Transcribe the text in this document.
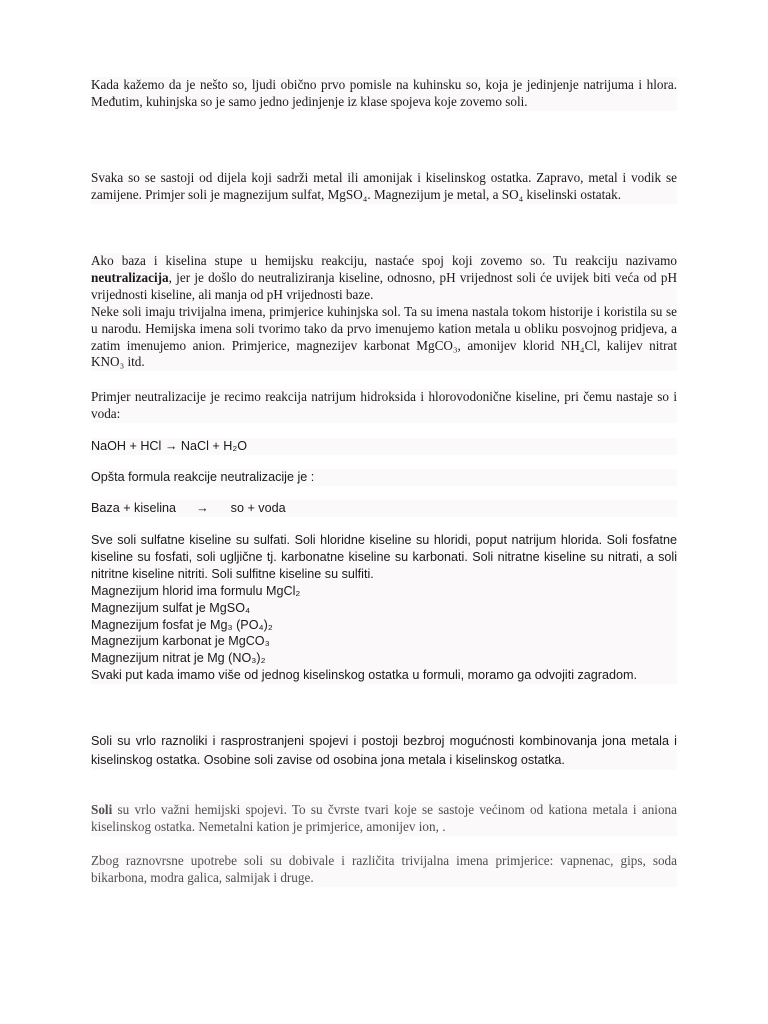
Kada kažemo da je nešto so, ljudi obično prvo pomisle na kuhinsku so, koja je jedinjenje natrijuma i hlora. Međutim, kuhinjska so je samo jedno jedinjenje iz klase spojeva koje zovemo soli.

Svaka so se sastoji od dijela koji sadrži metal ili amonijak i kiselinskog ostatka. Zapravo, metal i vodik se zamijene. Primjer soli je magnezijum sulfat, MgSO₄. Magnezijum je metal, a SO₄ kiselinski ostatak.

Ako baza i kiselina stupe u hemijsku reakciju, nastaće spoj koji zovemo so. Tu reakciju nazivamo neutralizacija, jer je došlo do neutraliziranja kiseline, odnosno, pH vrijednost soli će uvijek biti veća od pH vrijednosti kiseline, ali manja od pH vrijednosti baze.

Neke soli imaju trivijalna imena, primjerice kuhinjska sol. Ta su imena nastala tokom historije i koristila su se u narodu. Hemijska imena soli tvorimo tako da prvo imenujemo kation metala u obliku posvojnog pridjeva, a zatim imenujemo anion. Primjerice, magnezijev karbonat MgCO₃, amonijev klorid NH₄Cl, kalijev nitrat KNO₃ itd.

Primjer neutralizacije je recimo reakcija natrijum hidroksida i hlorovodonične kiseline, pri čemu nastaje so i voda:

NaOH + HCl → NaCl + H₂O

Opšta formula reakcije neutralizacije je :

Baza + kiselina → so + voda

Sve soli sulfatne kiseline su sulfati. Soli hloridne kiseline su hloridi, poput natrijum hlorida. Soli fosfatne kiseline su fosfati, soli ugljične tj. karbonatne kiseline su karbonati. Soli nitratne kiseline su nitrati, a soli nitritne kiseline nitriti. Soli sulfitne kiseline su sulfiti.

Magnezijum hlorid ima formulu MgCl₂

Magnezijum sulfat je MgSO₄

Magnezijum fosfat je Mg₃ (PO₄)₂

Magnezijum karbonat je MgCO₃

Magnezijum nitrat je Mg (NO₃)₂

Svaki put kada imamo više od jednog kiselinskog ostatka u formuli, moramo ga odvojiti zagradom.

Soli su vrlo raznoliki i rasprostranjeni spojevi i postoji bezbroj mogućnosti kombinovanja jona metala i kiselinskog ostatka. Osobine soli zavise od osobina jona metala i kiselinskog ostatka.

Soli su vrlo važni hemijski spojevi. To su čvrste tvari koje se sastoje većinom od kationa metala i aniona kiselinskog ostatka. Nemetalni kation je primjerice, amonijev ion, .

Zbog raznovrsne upotrebe soli su dobivale i različita trivijalna imena primjerice: vapnenac, gips, soda bikarbona, modra galica, salmijak i druge.
